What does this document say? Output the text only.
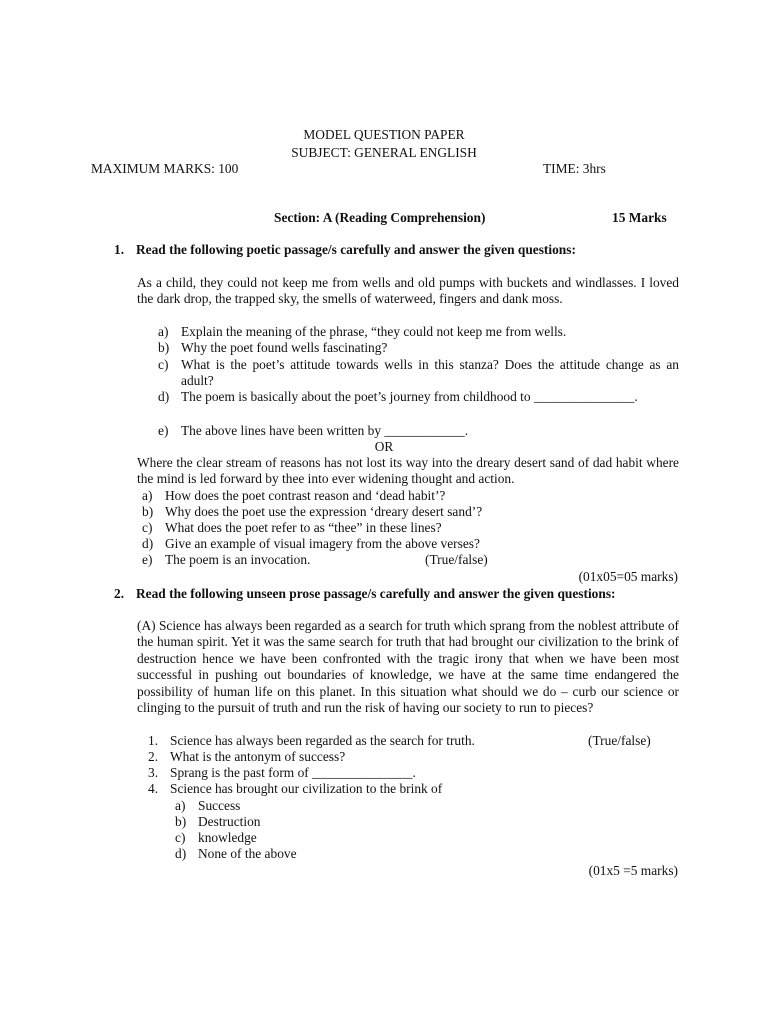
MODEL QUESTION PAPER
SUBJECT: GENERAL ENGLISH
MAXIMUM MARKS: 100	TIME: 3hrs
Section: A (Reading Comprehension)	15 Marks
1. Read the following poetic passage/s carefully and answer the given questions:
As a child, they could not keep me from wells and old pumps with buckets and windlasses. I loved the dark drop, the trapped sky, the smells of waterweed, fingers and dank moss.
a) Explain the meaning of the phrase, “they could not keep me from wells.
b) Why the poet found wells fascinating?
c) What is the poet’s attitude towards wells in this stanza? Does the attitude change as an adult?
d) The poem is basically about the poet’s journey from childhood to _______________.
e) The above lines have been written by ____________.
OR
Where the clear stream of reasons has not lost its way into the dreary desert sand of dad habit where the mind is led forward by thee into ever widening thought and action.
a) How does the poet contrast reason and ‘dead habit’?
b) Why does the poet use the expression ‘dreary desert sand’?
c) What does the poet refer to as “thee” in these lines?
d) Give an example of visual imagery from the above verses?
e) The poem is an invocation.	(True/false)
(01x05=05 marks)
2. Read the following unseen prose passage/s carefully and answer the given questions:
(A) Science has always been regarded as a search for truth which sprang from the noblest attribute of the human spirit. Yet it was the same search for truth that had brought our civilization to the brink of destruction hence we have been confronted with the tragic irony that when we have been most successful in pushing out boundaries of knowledge, we have at the same time endangered the possibility of human life on this planet. In this situation what should we do – curb our science or clinging to the pursuit of truth and run the risk of having our society to run to pieces?
1. Science has always been regarded as the search for truth.	(True/false)
2. What is the antonym of success?
3. Sprang is the past form of _______________.
4. Science has brought our civilization to the brink of
a) Success
b) Destruction
c) knowledge
d) None of the above
(01x5 =5 marks)
